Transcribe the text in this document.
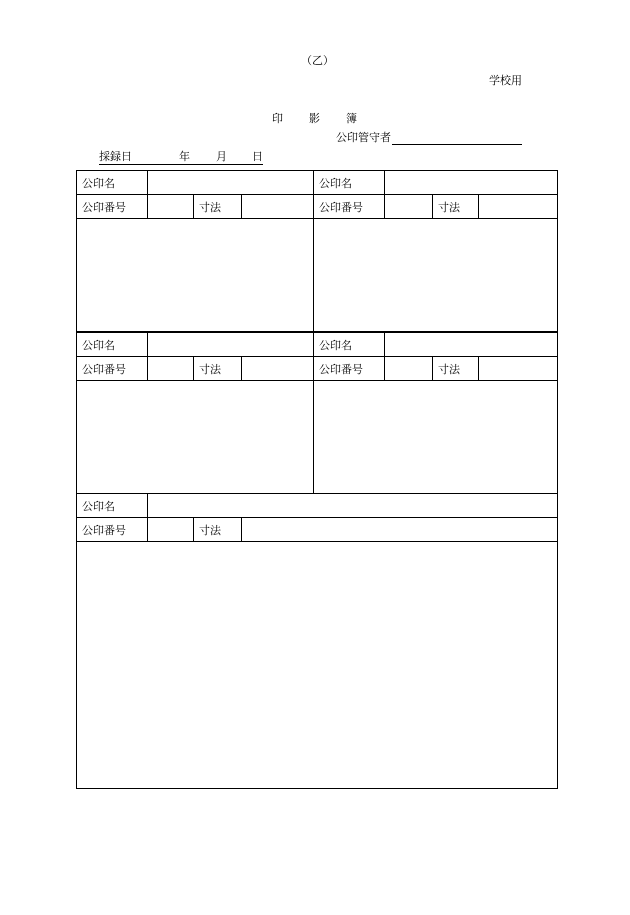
（乙）
学校用
印 影 簿
公印管守者
採録日	年 月 日
公印名				公印名			
公印番号		寸法		公印番号		寸法	

公印名				公印名			
公印番号		寸法		公印番号		寸法	

公印名			
公印番号		寸法	
